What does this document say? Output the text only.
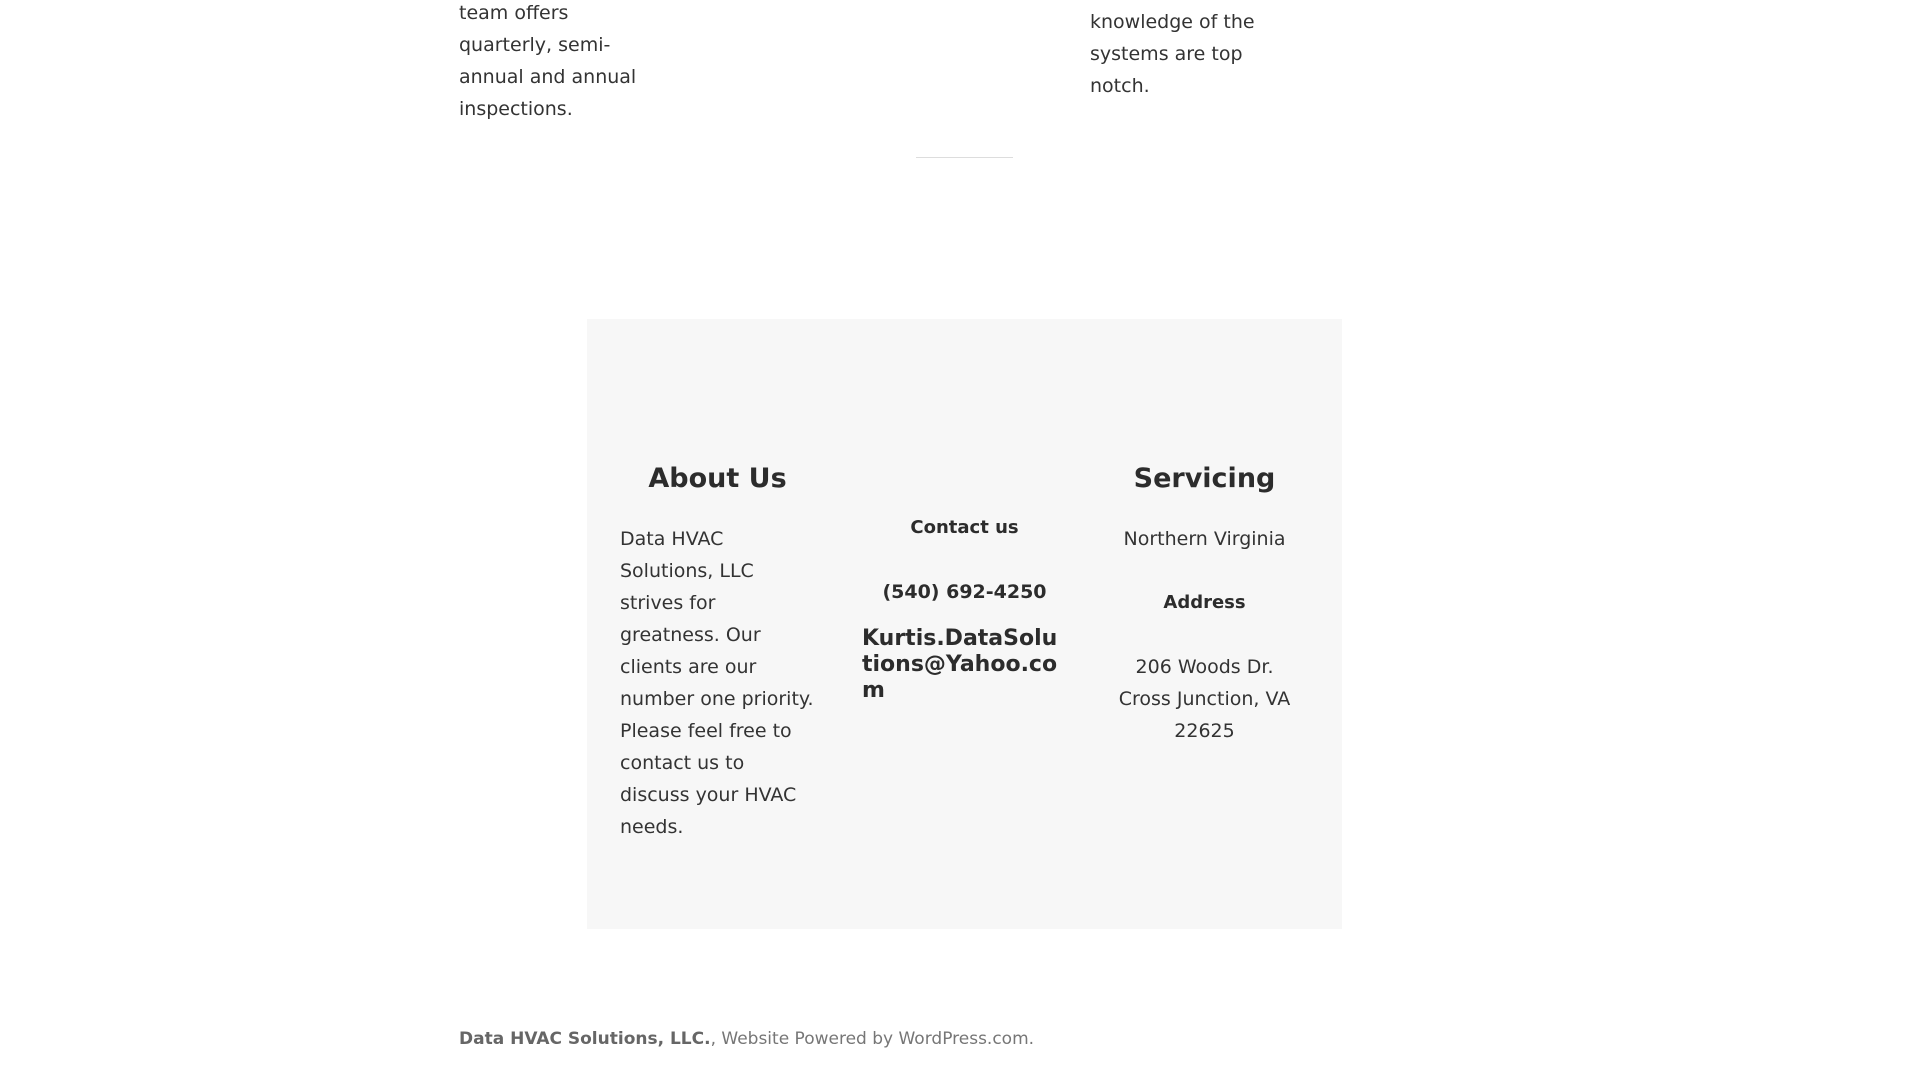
team offers quarterly, semi-annual and annual inspections.
knowledge of the systems are top notch.
About Us

Data HVAC Solutions, LLC strives for greatness. Our clients are our number one priority. Please feel free to contact us to discuss your HVAC needs.

Contact us
(540) 692-4250
Kurtis.DataSolutions@Yahoo.com
Servicing
Northern Virginia
Address
206 Woods Dr.
Cross Junction, VA
22625
Data HVAC Solutions, LLC., Website Powered by WordPress.com.
